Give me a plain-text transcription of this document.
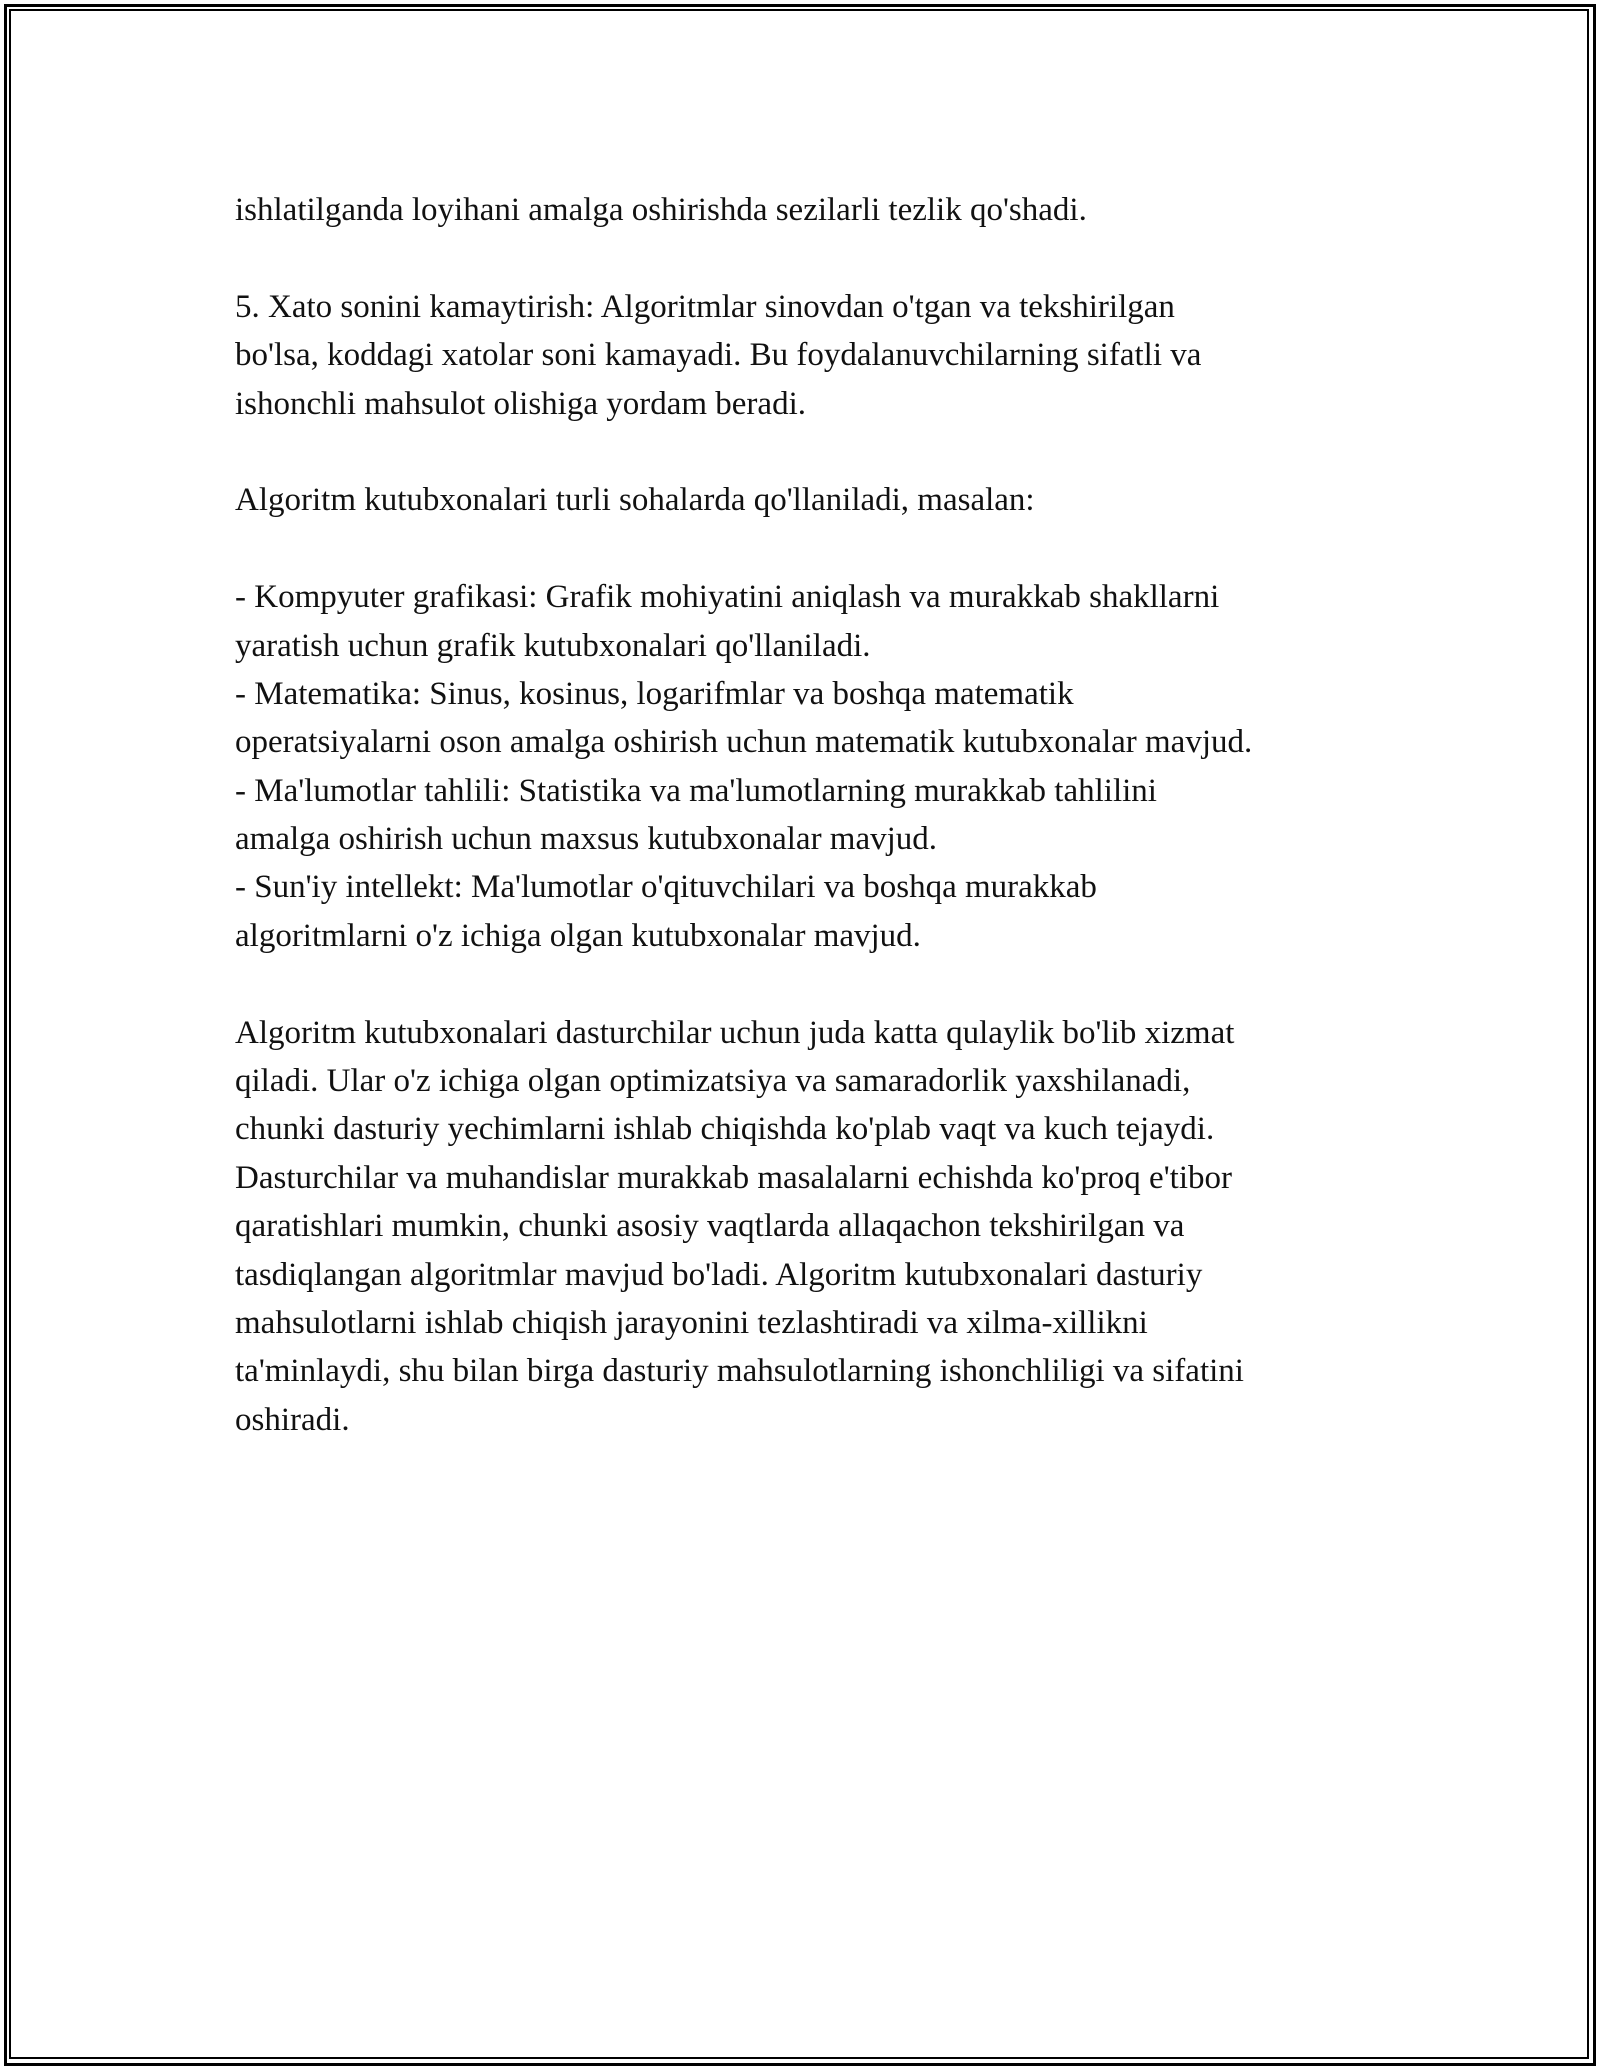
ishlatilganda loyihani amalga oshirishda sezilarli tezlik qo'shadi.
5. Xato sonini kamaytirish: Algoritmlar sinovdan o'tgan va tekshirilgan
bo'lsa, koddagi xatolar soni kamayadi. Bu foydalanuvchilarning sifatli va
ishonchli mahsulot olishiga yordam beradi.
Algoritm kutubxonalari turli sohalarda qo'llaniladi, masalan:
- Kompyuter grafikasi: Grafik mohiyatini aniqlash va murakkab shakllarni
yaratish uchun grafik kutubxonalari qo'llaniladi.
- Matematika: Sinus, kosinus, logarifmlar va boshqa matematik
operatsiyalarni oson amalga oshirish uchun matematik kutubxonalar mavjud.
- Ma'lumotlar tahlili: Statistika va ma'lumotlarning murakkab tahlilini
amalga oshirish uchun maxsus kutubxonalar mavjud.
- Sun'iy intellekt: Ma'lumotlar o'qituvchilari va boshqa murakkab
algoritmlarni o'z ichiga olgan kutubxonalar mavjud.
Algoritm kutubxonalari dasturchilar uchun juda katta qulaylik bo'lib xizmat
qiladi. Ular o'z ichiga olgan optimizatsiya va samaradorlik yaxshilanadi,
chunki dasturiy yechimlarni ishlab chiqishda ko'plab vaqt va kuch tejaydi.
Dasturchilar va muhandislar murakkab masalalarni echishda ko'proq e'tibor
qaratishlari mumkin, chunki asosiy vaqtlarda allaqachon tekshirilgan va
tasdiqlangan algoritmlar mavjud bo'ladi. Algoritm kutubxonalari dasturiy
mahsulotlarni ishlab chiqish jarayonini tezlashtiradi va xilma-xillikni
ta'minlaydi, shu bilan birga dasturiy mahsulotlarning ishonchliligi va sifatini
oshiradi.
